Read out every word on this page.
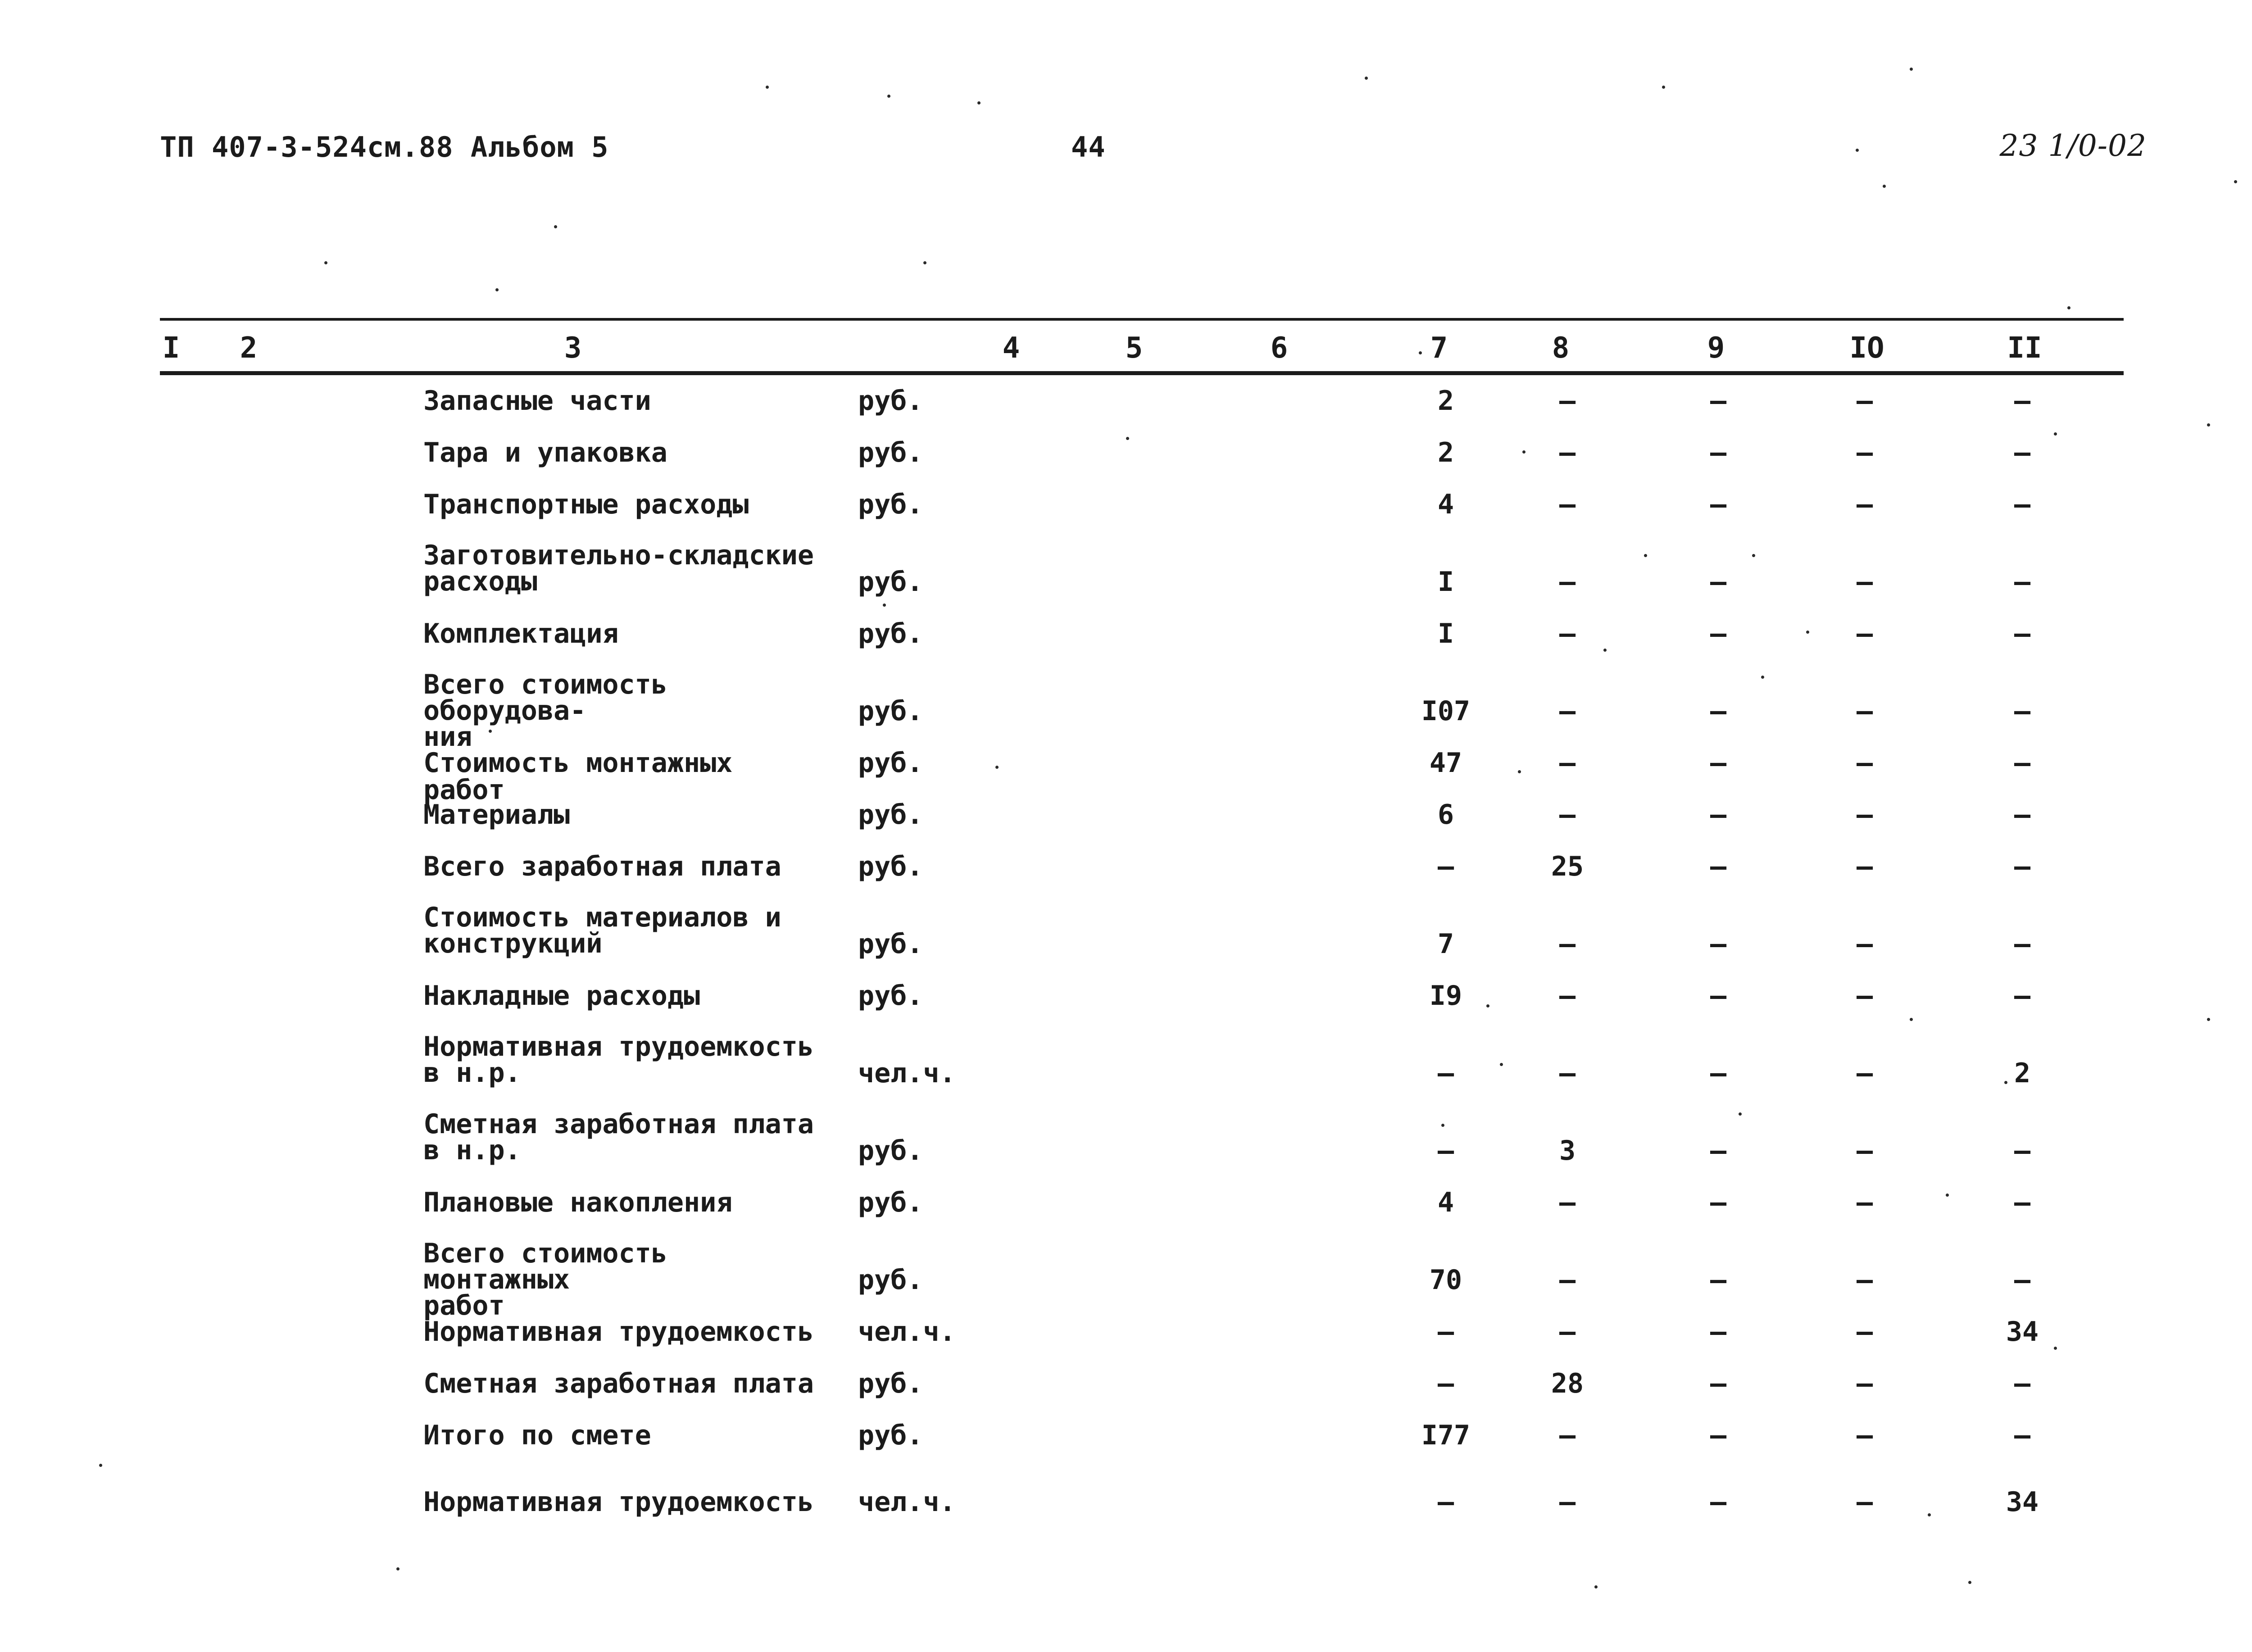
ТП 407-3-524см.88 Альбом 5	44	23 1/0-02
I 2	3	4	5	6	7	8	9	IO	II
Запасные части	руб.	2	–	–	–	–
Тара и упаковка	руб.	2	–	–	–	–
Транспортные расходы	руб.	4	–	–	–	–
Заготовительно-складские
расходы	руб.	I	–	–	–	–
Комплектация	руб.	I	–	–	–	–
Всего стоимость оборудова-
ния
руб.	I07	–	–	–	–
Стоимость монтажных работ
руб.	47	–	–	–	–
Материалы	руб.	6	–	–	–	–
Всего заработная плата	руб.	–	25	–	–	–
Стоимость материалов и
конструкций	руб.	7	–	–	–	–
Накладные расходы	руб.	I9	–	–	–	–
Нормативная трудоемкость
в н.р.	чел.ч.	–	–	–	–	2
Сметная заработная плата
в н.р.	руб.	–	3	–	–	–
Плановые накопления	руб.	4	–	–	–	–
Всего стоимость монтажных
работ
руб.	70	–	–	–	–
Нормативная трудоемкость чел.ч.	–	–	–	–	34
Сметная заработная плата руб.	–	28	–	–	–
Итого по смете	руб.	I77	–	–	–	–
Нормативная трудоемкость чел.ч.	–	–	–	–	34
